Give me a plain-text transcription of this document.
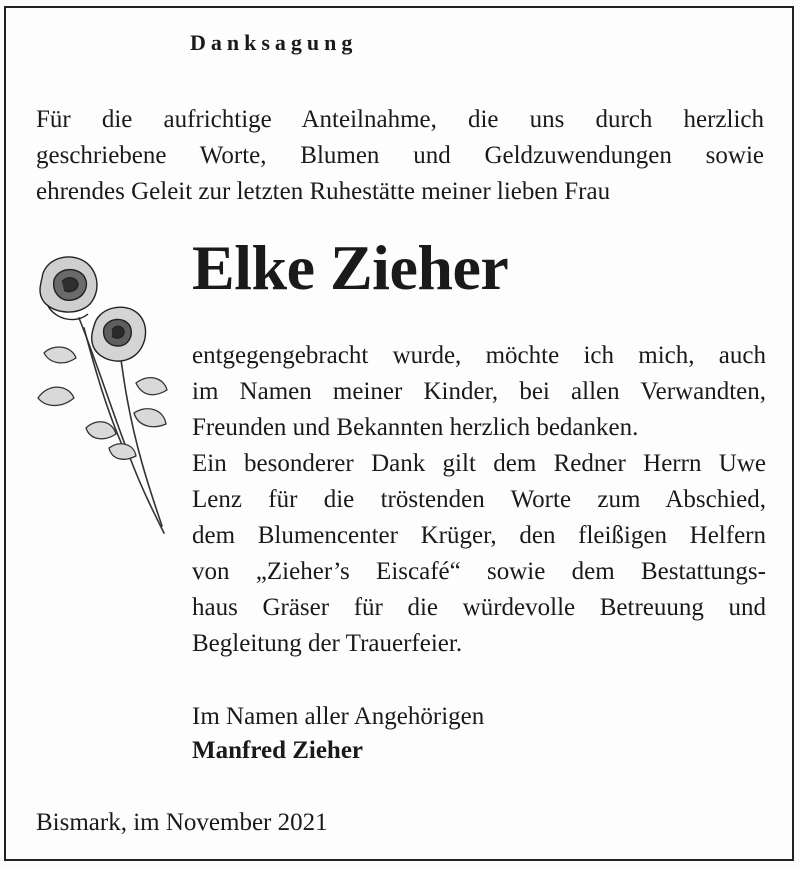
Danksagung
Für die aufrichtige Anteilnahme, die uns durch herzlich
geschriebene Worte, Blumen und Geldzuwendungen sowie
ehrendes Geleit zur letzten Ruhestätte meiner lieben Frau
Elke Zieher
entgegengebracht wurde, möchte ich mich, auch
im Namen meiner Kinder, bei allen Verwandten,
Freunden und Bekannten herzlich bedanken.
Ein besonderer Dank gilt dem Redner Herrn Uwe
Lenz für die tröstenden Worte zum Abschied,
dem Blumencenter Krüger, den fleißigen Helfern
von „Zieher’s Eiscafé“ sowie dem Bestattungs-
haus Gräser für die würdevolle Betreuung und
Begleitung der Trauerfeier.
Im Namen aller Angehörigen
Manfred Zieher
Bismark, im November 2021
